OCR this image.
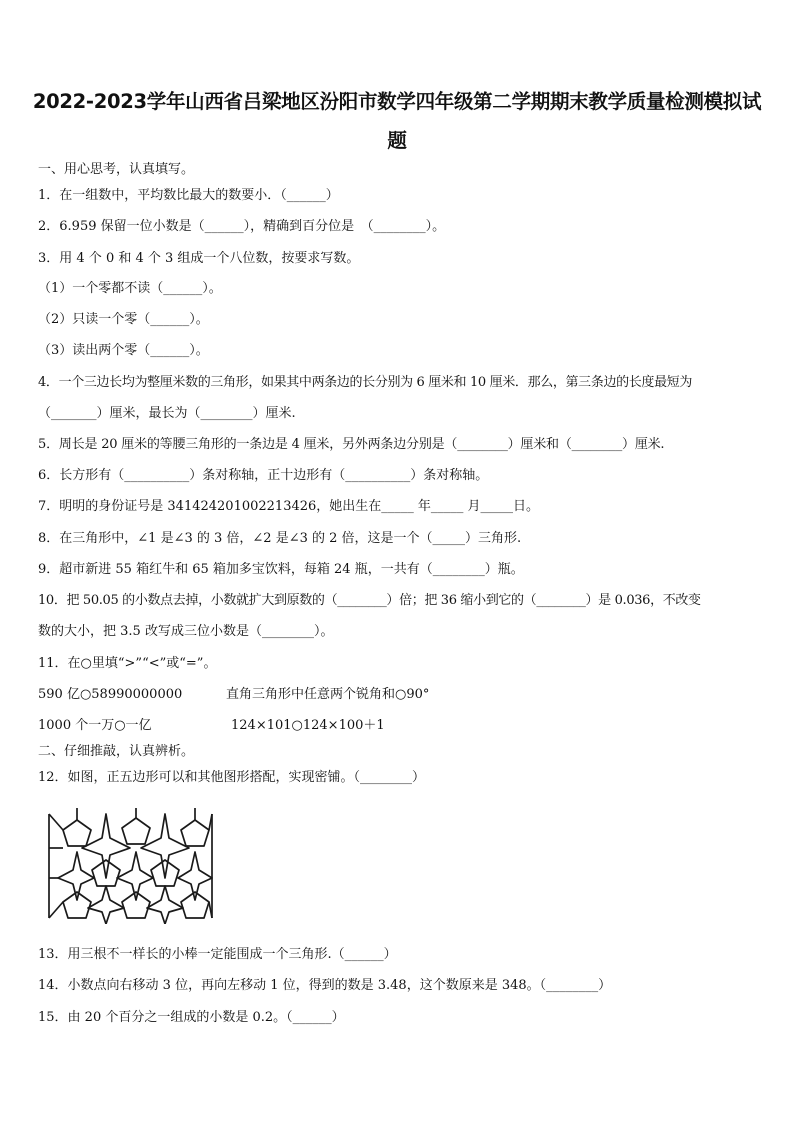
2022-2023学年山西省吕梁地区汾阳市数学四年级第二学期期末教学质量检测模拟试
题
一、用心思考，认真填写。
1．在一组数中，平均数比最大的数要小．（______）
2．6.959 保留一位小数是（______），精确到百分位是　（________）。
3．用 4 个 0 和 4 个 3 组成一个八位数，按要求写数。
（1）一个零都不读（______）。
（2）只读一个零（______）。
（3）读出两个零（______）。
4．一个三边长均为整厘米数的三角形，如果其中两条边的长分别为 6 厘米和 10 厘米．那么，第三条边的长度最短为
（_______）厘米，最长为（________）厘米.
5．周长是 20 厘米的等腰三角形的一条边是 4 厘米，另外两条边分别是（________）厘米和（________）厘米.
6．长方形有（__________）条对称轴，正十边形有（__________）条对称轴。
7．明明的身份证号是 341424201002213426，她出生在_____ 年_____ 月_____日。
8．在三角形中，∠1 是∠3 的 3 倍，∠2 是∠3 的 2 倍，这是一个（_____）三角形.
9．超市新进 55 箱红牛和 65 箱加多宝饮料，每箱 24 瓶，一共有（________）瓶。
10．把 50.05 的小数点去掉，小数就扩大到原数的（________）倍；把 36 缩小到它的（________）是 0.036，不改变
数的大小，把 3.5 改写成三位小数是（________）。
11．在○里填“>”“<”或“=”。
590 亿○58990000000	直角三角形中任意两个锐角和○90°
1000 个一万○一亿	124×101○124×100＋1
二、仔细推敲，认真辨析。
12．如图，正五边形可以和其他图形搭配，实现密铺。（________）
13．用三根不一样长的小棒一定能围成一个三角形.（______）
14．小数点向右移动 3 位，再向左移动 1 位，得到的数是 3.48，这个数原来是 348。（________）
15．由 20 个百分之一组成的小数是 0.2。（______）
